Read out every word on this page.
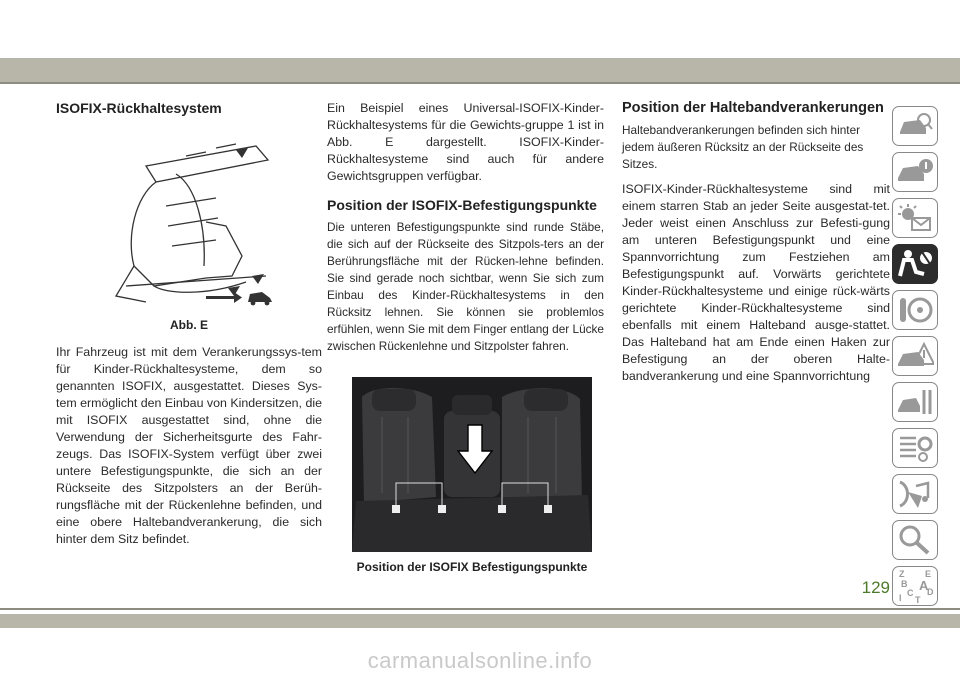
ISOFIX-Rückhaltesystem
Abb. E

Ihr Fahrzeug ist mit dem Verankerungssys-tem für Kinder-Rückhaltesysteme, dem so genannten ISOFIX, ausgestattet. Dieses Sys-tem ermöglicht den Einbau von Kindersitzen, die mit ISOFIX ausgestattet sind, ohne die Verwendung der Sicherheitsgurte des Fahr-zeugs. Das ISOFIX-System verfügt über zwei untere Befestigungspunkte, die sich an der Rückseite des Sitzpolsters an der Berüh-rungsfläche mit der Rückenlehne befinden, und eine obere Haltebandverankerung, die sich hinter dem Sitz befindet.

Ein Beispiel eines Universal-ISOFIX-Kinder-Rückhaltesystems für die Gewichts-gruppe 1 ist in Abb. E dargestellt. ISOFIX-Kinder-Rückhaltesysteme sind auch für andere Gewichtsgruppen verfügbar.

Position der ISOFIX-Befestigungspunkte

Die unteren Befestigungspunkte sind runde Stäbe, die sich auf der Rückseite des Sitzpols-ters an der Berührungsfläche mit der Rücken-lehne befinden. Sie sind gerade noch sichtbar, wenn Sie sich zum Einbau des Kinder-Rückhaltesystems in den Rücksitz lehnen. Sie können sie problemlos erfühlen, wenn Sie mit dem Finger entlang der Lücke zwischen Rückenlehne und Sitzpolster fahren.

Position der ISOFIX Befestigungspunkte
Position der Haltebandverankerungen

Haltebandverankerungen befinden sich hinter jedem äußeren Rücksitz an der Rückseite des Sitzes.

ISOFIX-Kinder-Rückhaltesysteme sind mit einem starren Stab an jeder Seite ausgestat-tet. Jeder weist einen Anschluss zur Befesti-gung am unteren Befestigungspunkt und eine Spannvorrichtung zum Festziehen am Befestigungspunkt auf. Vorwärts gerichtete Kinder-Rückhaltesysteme und einige rück-wärts gerichtete Kinder-Rückhaltesysteme sind ebenfalls mit einem Halteband ausge-stattet. Das Halteband hat am Ende einen Haken zur Befestigung an der oberen Halte-bandverankerung und eine Spannvorrichtung

Z E
B A
C D
I T
129
carmanualsonline.info
